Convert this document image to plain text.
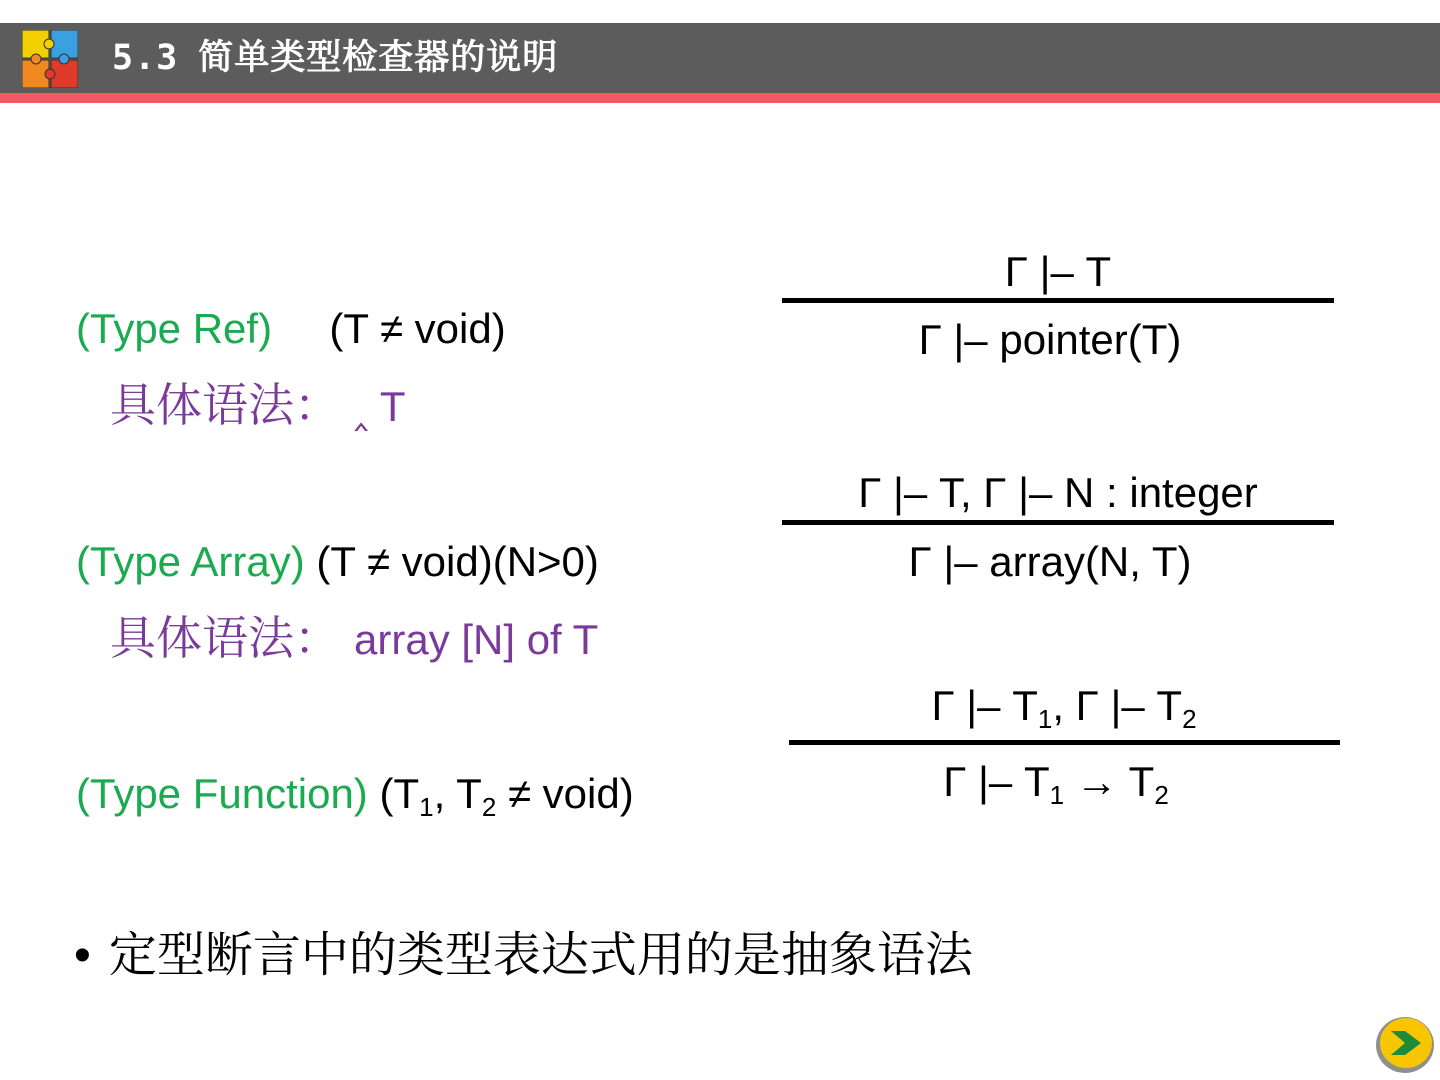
5.3 简单类型检查器的说明
(Type Ref) (T ≠ void)
具体语法： ‸ T
Γ |– T
Γ |– pointer(T)
(Type Array) (T ≠ void)(N>0)
具体语法： array [N] of T
Γ |– T, Γ |– N : integer
Γ |– array(N, T)
(Type Function) ($T_1$, $T_2$ ≠ void)
Γ |– $T_1$, Γ |– $T_2$
Γ |– $T_1 \to T_2$
• 定型断言中的类型表达式用的是抽象语法
